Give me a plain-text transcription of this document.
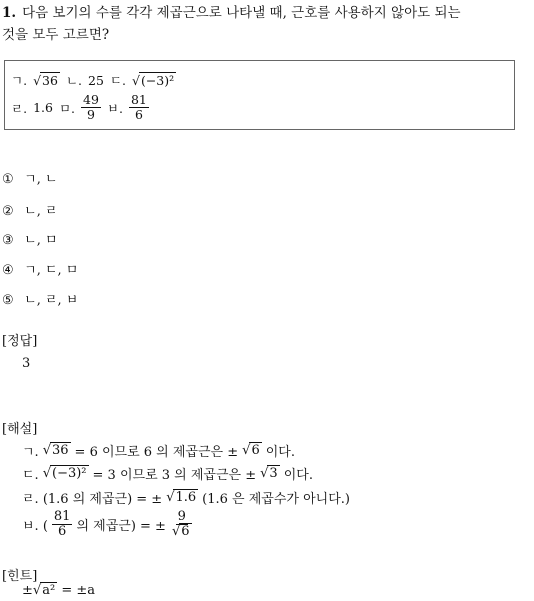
1. 다음 보기의 수를 각각 제곱근으로 나타낼 때, 근호를 사용하지 않아도 되는
것을 모두 고르면?
ㄱ. √36 ㄴ. 25 ㄷ. √(−3)²
ㄹ. 1.6 ㅁ. $\frac{49}{9}$ ㅂ. $\frac{81}{6}$
① ㄱ, ㄴ
② ㄴ, ㄹ
③ ㄴ, ㅁ
④ ㄱ, ㄷ, ㅁ
⑤ ㄴ, ㄹ, ㅂ
[정답]
3
[해설]
ㄱ. √36 = 6 이므로 6 의 제곱근은 ± √6 이다.
ㄷ. √(−3)² = 3 이므로 3 의 제곱근은 ± √3 이다.
ㄹ. (1.6 의 제곱근) = ± √1.6 (1.6 은 제곱수가 아니다.)
ㅂ. ( $\frac{81}{6}$ 의 제곱근) = ± $\frac{9}{√6}$
[힌트]
±√a² = ±a
